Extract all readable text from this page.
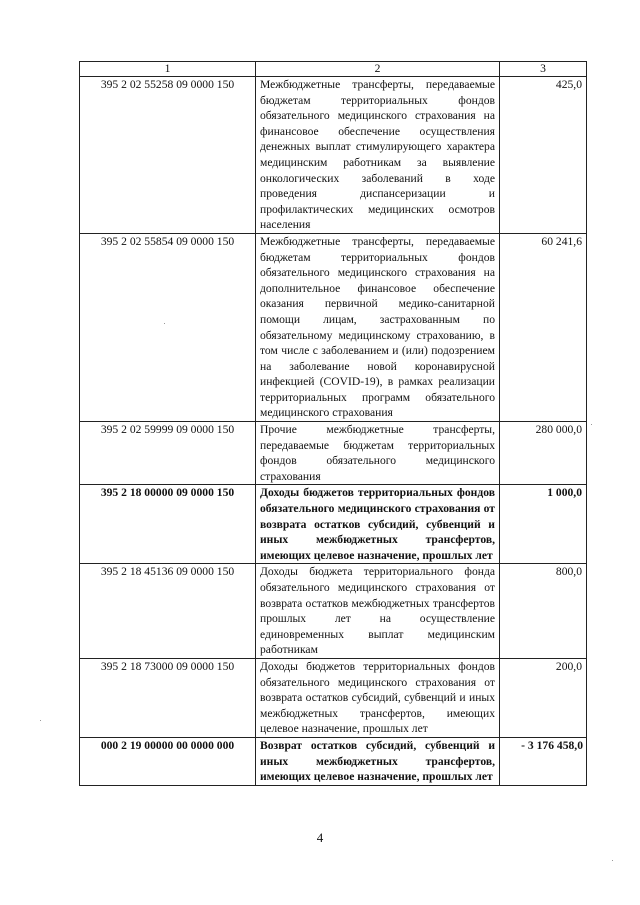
1	2	3
395 2 02 55258 09 0000 150	Межбюджетные трансферты, передаваемые бюджетам территориальных фондов обязательного медицинского страхования на финансовое обеспечение осуществления денежных выплат стимулирующего характера медицинским работникам за выявление онкологических заболеваний в ходе проведения диспансеризации и профилактических медицинских осмотров населения	425,0
395 2 02 55854 09 0000 150	Межбюджетные трансферты, передаваемые бюджетам территориальных фондов обязательного медицинского страхования на дополнительное финансовое обеспечение оказания первичной медико-санитарной помощи лицам, застрахованным по обязательному медицинскому страхованию, в том числе с заболеванием и (или) подозрением на заболевание новой коронавирусной инфекцией (COVID-19), в рамках реализации территориальных программ обязательного медицинского страхования	60 241,6
395 2 02 59999 09 0000 150	Прочие межбюджетные трансферты, передаваемые бюджетам территориальных фондов обязательного медицинского страхования	280 000,0
395 2 18 00000 09 0000 150	Доходы бюджетов территориальных фондов обязательного медицинского страхования от возврата остатков субсидий, субвенций и иных межбюджетных трансфертов, имеющих целевое назначение, прошлых лет	1 000,0
395 2 18 45136 09 0000 150	Доходы бюджета территориального фонда обязательного медицинского страхования от возврата остатков межбюджетных трансфертов прошлых лет на осуществление единовременных выплат медицинским работникам	800,0
395 2 18 73000 09 0000 150	Доходы бюджетов территориальных фондов обязательного медицинского страхования от возврата остатков субсидий, субвенций и иных межбюджетных трансфертов, имеющих целевое назначение, прошлых лет	200,0
000 2 19 00000 00 0000 000	Возврат остатков субсидий, субвенций и иных межбюджетных трансфертов, имеющих целевое назначение, прошлых лет	- 3 176 458,0
4
